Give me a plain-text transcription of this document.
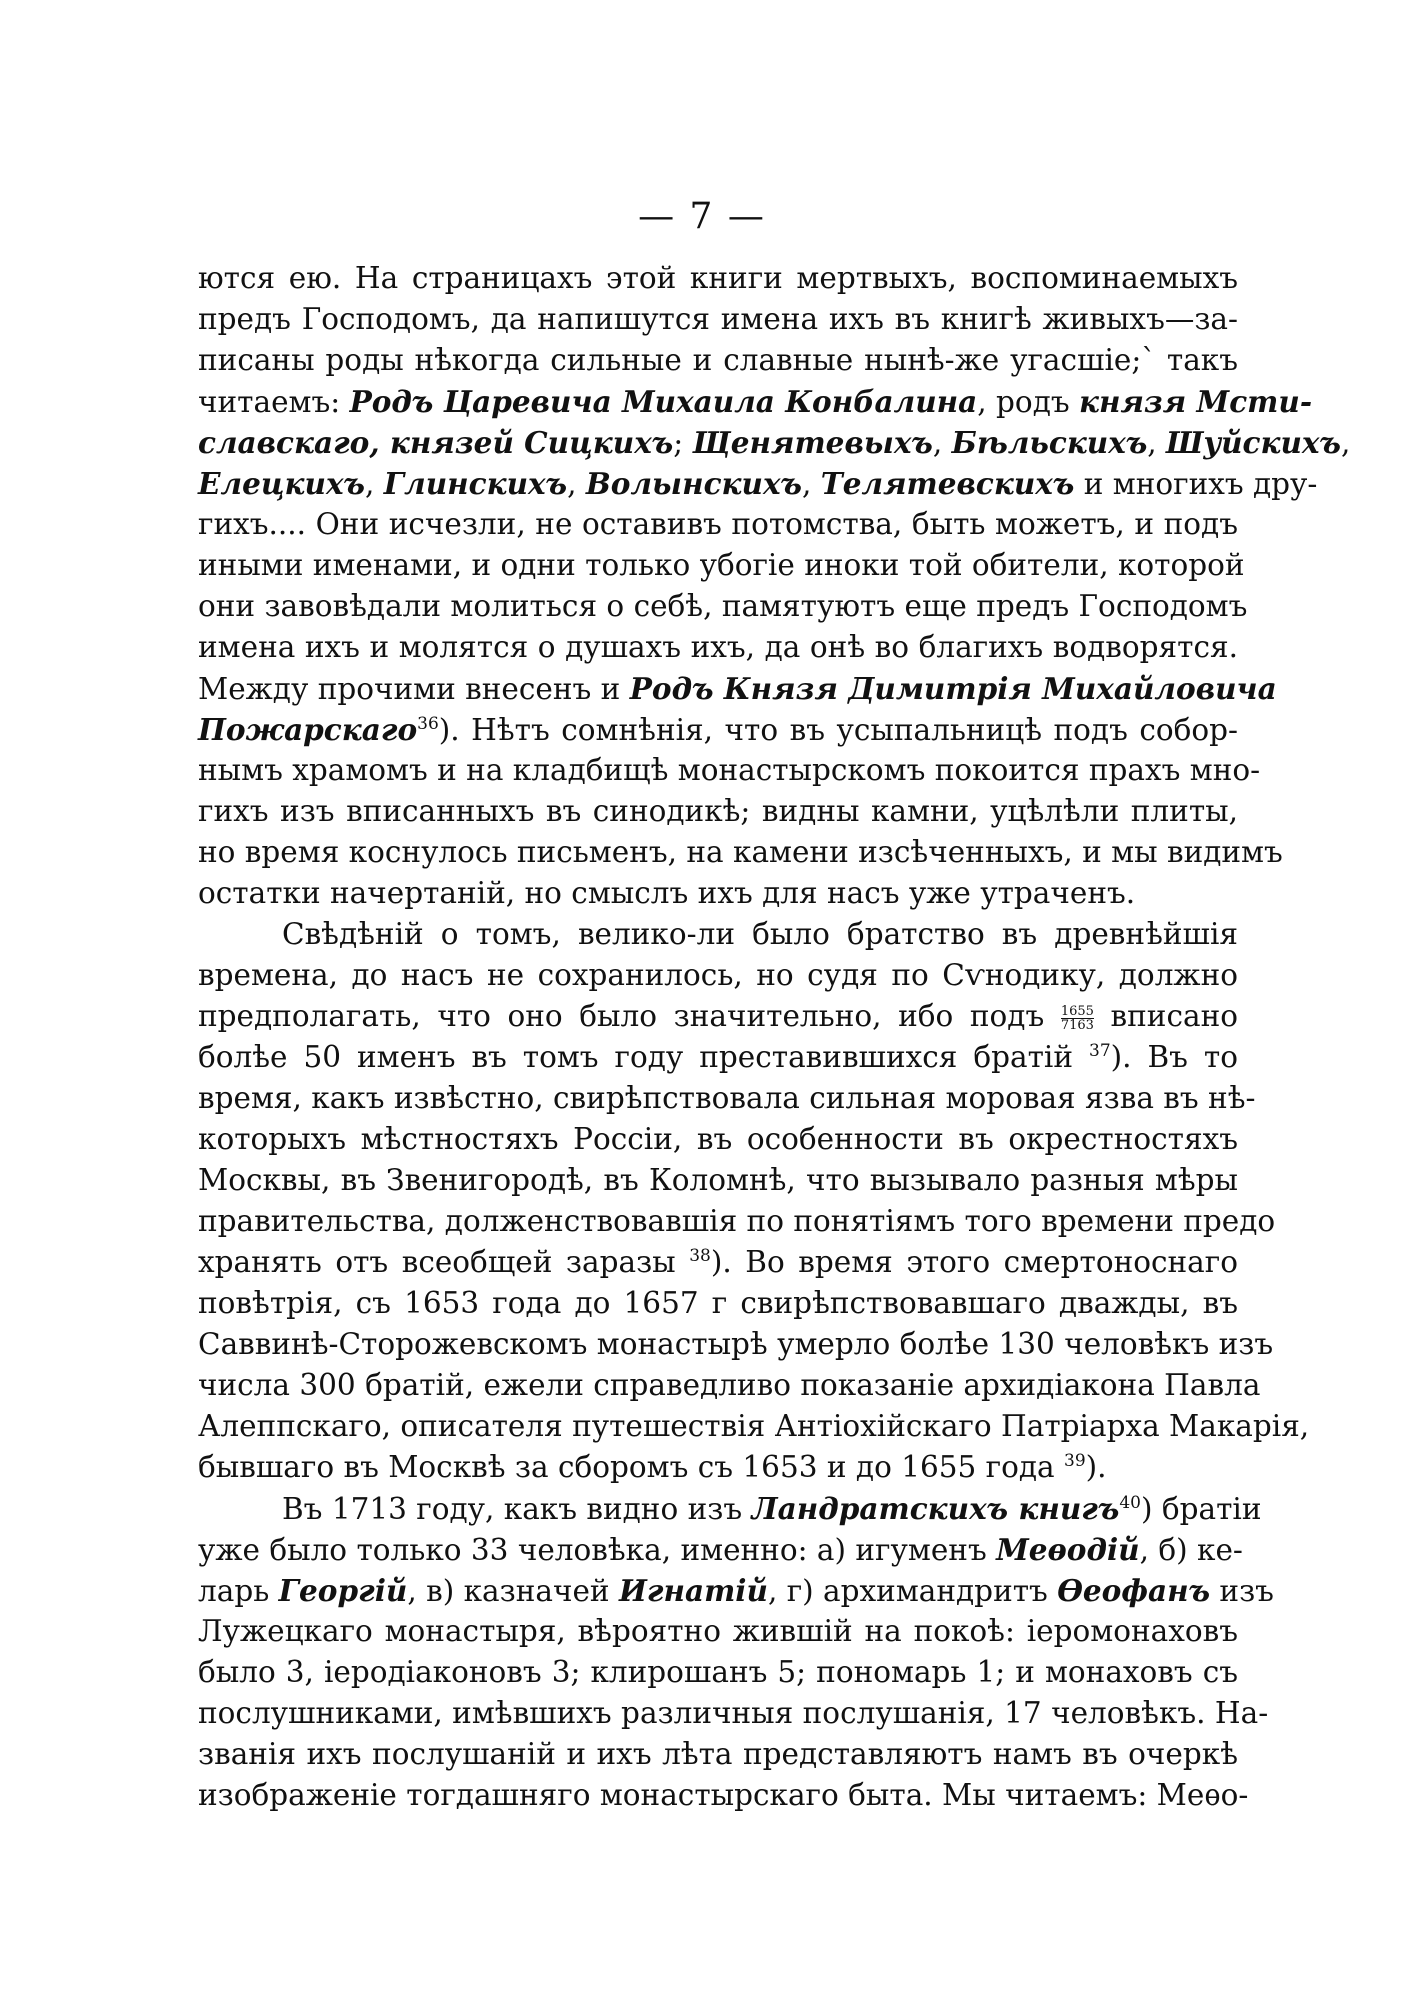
— 7 —
ются ею. На страницахъ этой книги мертвыхъ, воспоминаемыхъ
предъ Господомъ, да напишутся имена ихъ въ книгѣ живыхъ—за-
писаны роды нѣкогда сильные и славные нынѣ-же угасшіе;` такъ
читаемъ: Родъ Царевича Михаила Конбалина, родъ князя Мсти-
славскаго, князей Сицкихъ; Щенятевыхъ, Бѣльскихъ, Шуйскихъ,
Елецкихъ, Глинскихъ, Волынскихъ, Телятевскихъ и многихъ дру-
гихъ.... Они исчезли, не оставивъ потомства, быть можетъ, и подъ
иными именами, и одни только убогіе иноки той обители, которой
они завовѣдали молиться о себѣ, памятуютъ еще предъ Господомъ
имена ихъ и молятся о душахъ ихъ, да онѣ во благихъ водворятся.
Между прочими внесенъ и Родъ Князя Димитрія Михайловича
Пожарскаго$^{36}$). Нѣтъ сомнѣнія, что въ усыпальницѣ подъ собор-
нымъ храмомъ и на кладбищѣ монастырскомъ покоится прахъ мно-
гихъ изъ вписанныхъ въ синодикѣ; видны камни, уцѣлѣли плиты,
но время коснулось письменъ, на камени изсѣченныхъ, и мы видимъ
остатки начертаній, но смыслъ ихъ для насъ уже утраченъ.
Свѣдѣній о томъ, велико-ли было братство въ древнѣйшія
времена, до насъ не сохранилось, но судя по Сѵнодику, должно
предполагать, что оно было значительно, ибо подъ $\frac{1655}{7163}$ вписано
болѣе 50 именъ въ томъ году преставившихся братій $^{37}$). Въ то
время, какъ извѣстно, свирѣпствовала сильная моровая язва въ нѣ-
которыхъ мѣстностяхъ Россіи, въ особенности въ окрестностяхъ
Москвы, въ Звенигородѣ, въ Коломнѣ, что вызывало разныя мѣры
правительства, долженствовавшія по понятіямъ того времени предо
хранять отъ всеобщей заразы $^{38}$). Во время этого смертоноснаго
повѣтрія, съ 1653 года до 1657 г свирѣпствовавшаго дважды, въ
Саввинѣ-Сторожевскомъ монастырѣ умерло болѣе 130 человѣкъ изъ
числа 300 братій, ежели справедливо показаніе архидіакона Павла
Алеппскаго, описателя путешествія Антіохійскаго Патріарха Макарія,
бывшаго въ Москвѣ за сборомъ съ 1653 и до 1655 года $^{39}$).
Въ 1713 году, какъ видно изъ Ландратскихъ книгъ$^{40}$) братіи
уже было только 33 человѣка, именно: а) игуменъ Меѳодій, б) ке-
ларь Георгій, в) казначей Игнатій, г) архимандритъ Ѳеофанъ изъ
Лужецкаго монастыря, вѣроятно жившій на покоѣ: іеромонаховъ
было 3, іеродіаконовъ 3; клирошанъ 5; пономарь 1; и монаховъ съ
послушниками, имѣвшихъ различныя послушанія, 17 человѣкъ. На-
званія ихъ послушаній и ихъ лѣта представляютъ намъ въ очеркѣ
изображеніе тогдашняго монастырскаго быта. Мы читаемъ: Меѳо-
